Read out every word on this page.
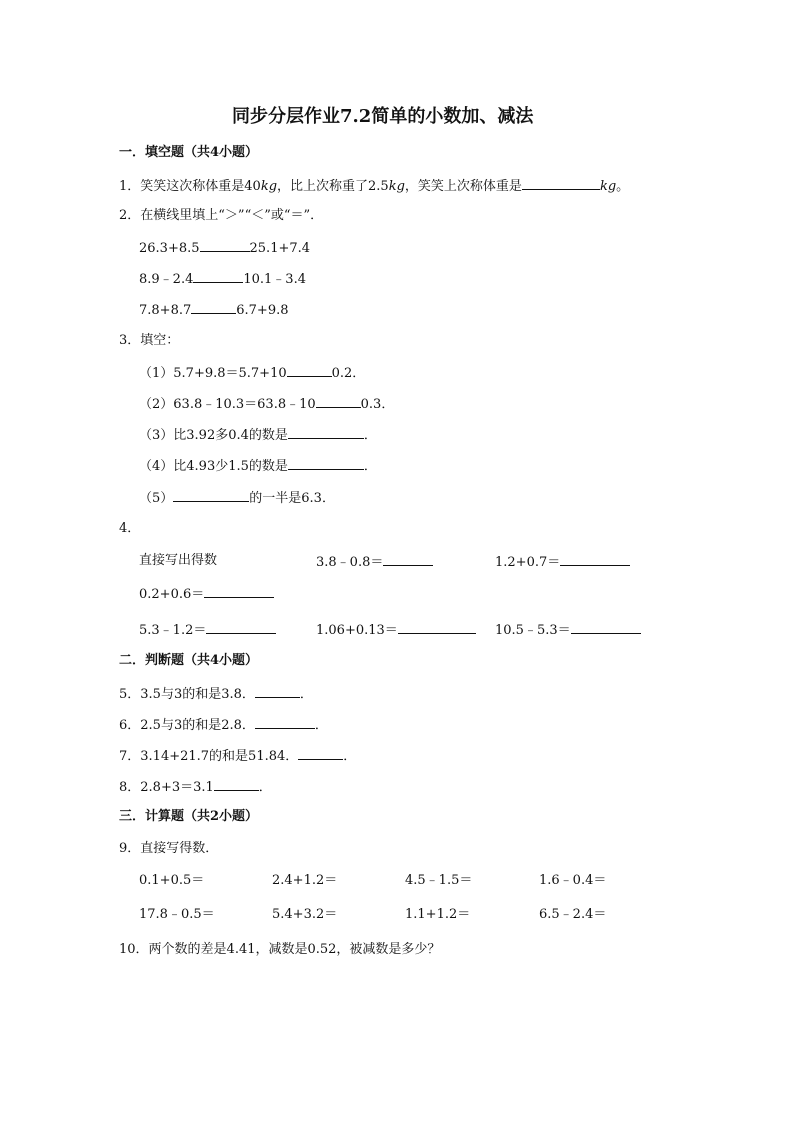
同步分层作业7.2简单的小数加、减法
一．填空题（共4小题）
1．笑笑这次称体重是40kg，比上次称重了2.5kg，笑笑上次称体重是	kg。
2．在横线里填上“＞”“＜”或“＝”．
26.3+8.5	25.1+7.4
8.9﹣2.4	10.1﹣3.4
7.8+8.7	6.7+9.8
3．填空：
（1）5.7+9.8＝5.7+10	0.2．
（2）63.8﹣10.3＝63.8﹣10	0.3．
（3）比3.92多0.4的数是	．
（4）比4.93少1.5的数是	．
（5）	的一半是6.3．
4．
直接写出得数	3.8﹣0.8＝	1.2+0.7＝
0.2+0.6＝
5.3﹣1.2＝	1.06+0.13＝	10.5﹣5.3＝
二．判断题（共4小题）
5．3.5与3的和是3.8．	．
6．2.5与3的和是2.8．	．
7．3.14+21.7的和是51.84．	．
8．2.8+3＝3.1	．
三．计算题（共2小题）
9．直接写得数．
0.1+0.5＝	2.4+1.2＝	4.5﹣1.5＝	1.6﹣0.4＝
17.8﹣0.5＝	5.4+3.2＝	1.1+1.2＝	6.5﹣2.4＝
10．两个数的差是4.41，减数是0.52，被减数是多少？
